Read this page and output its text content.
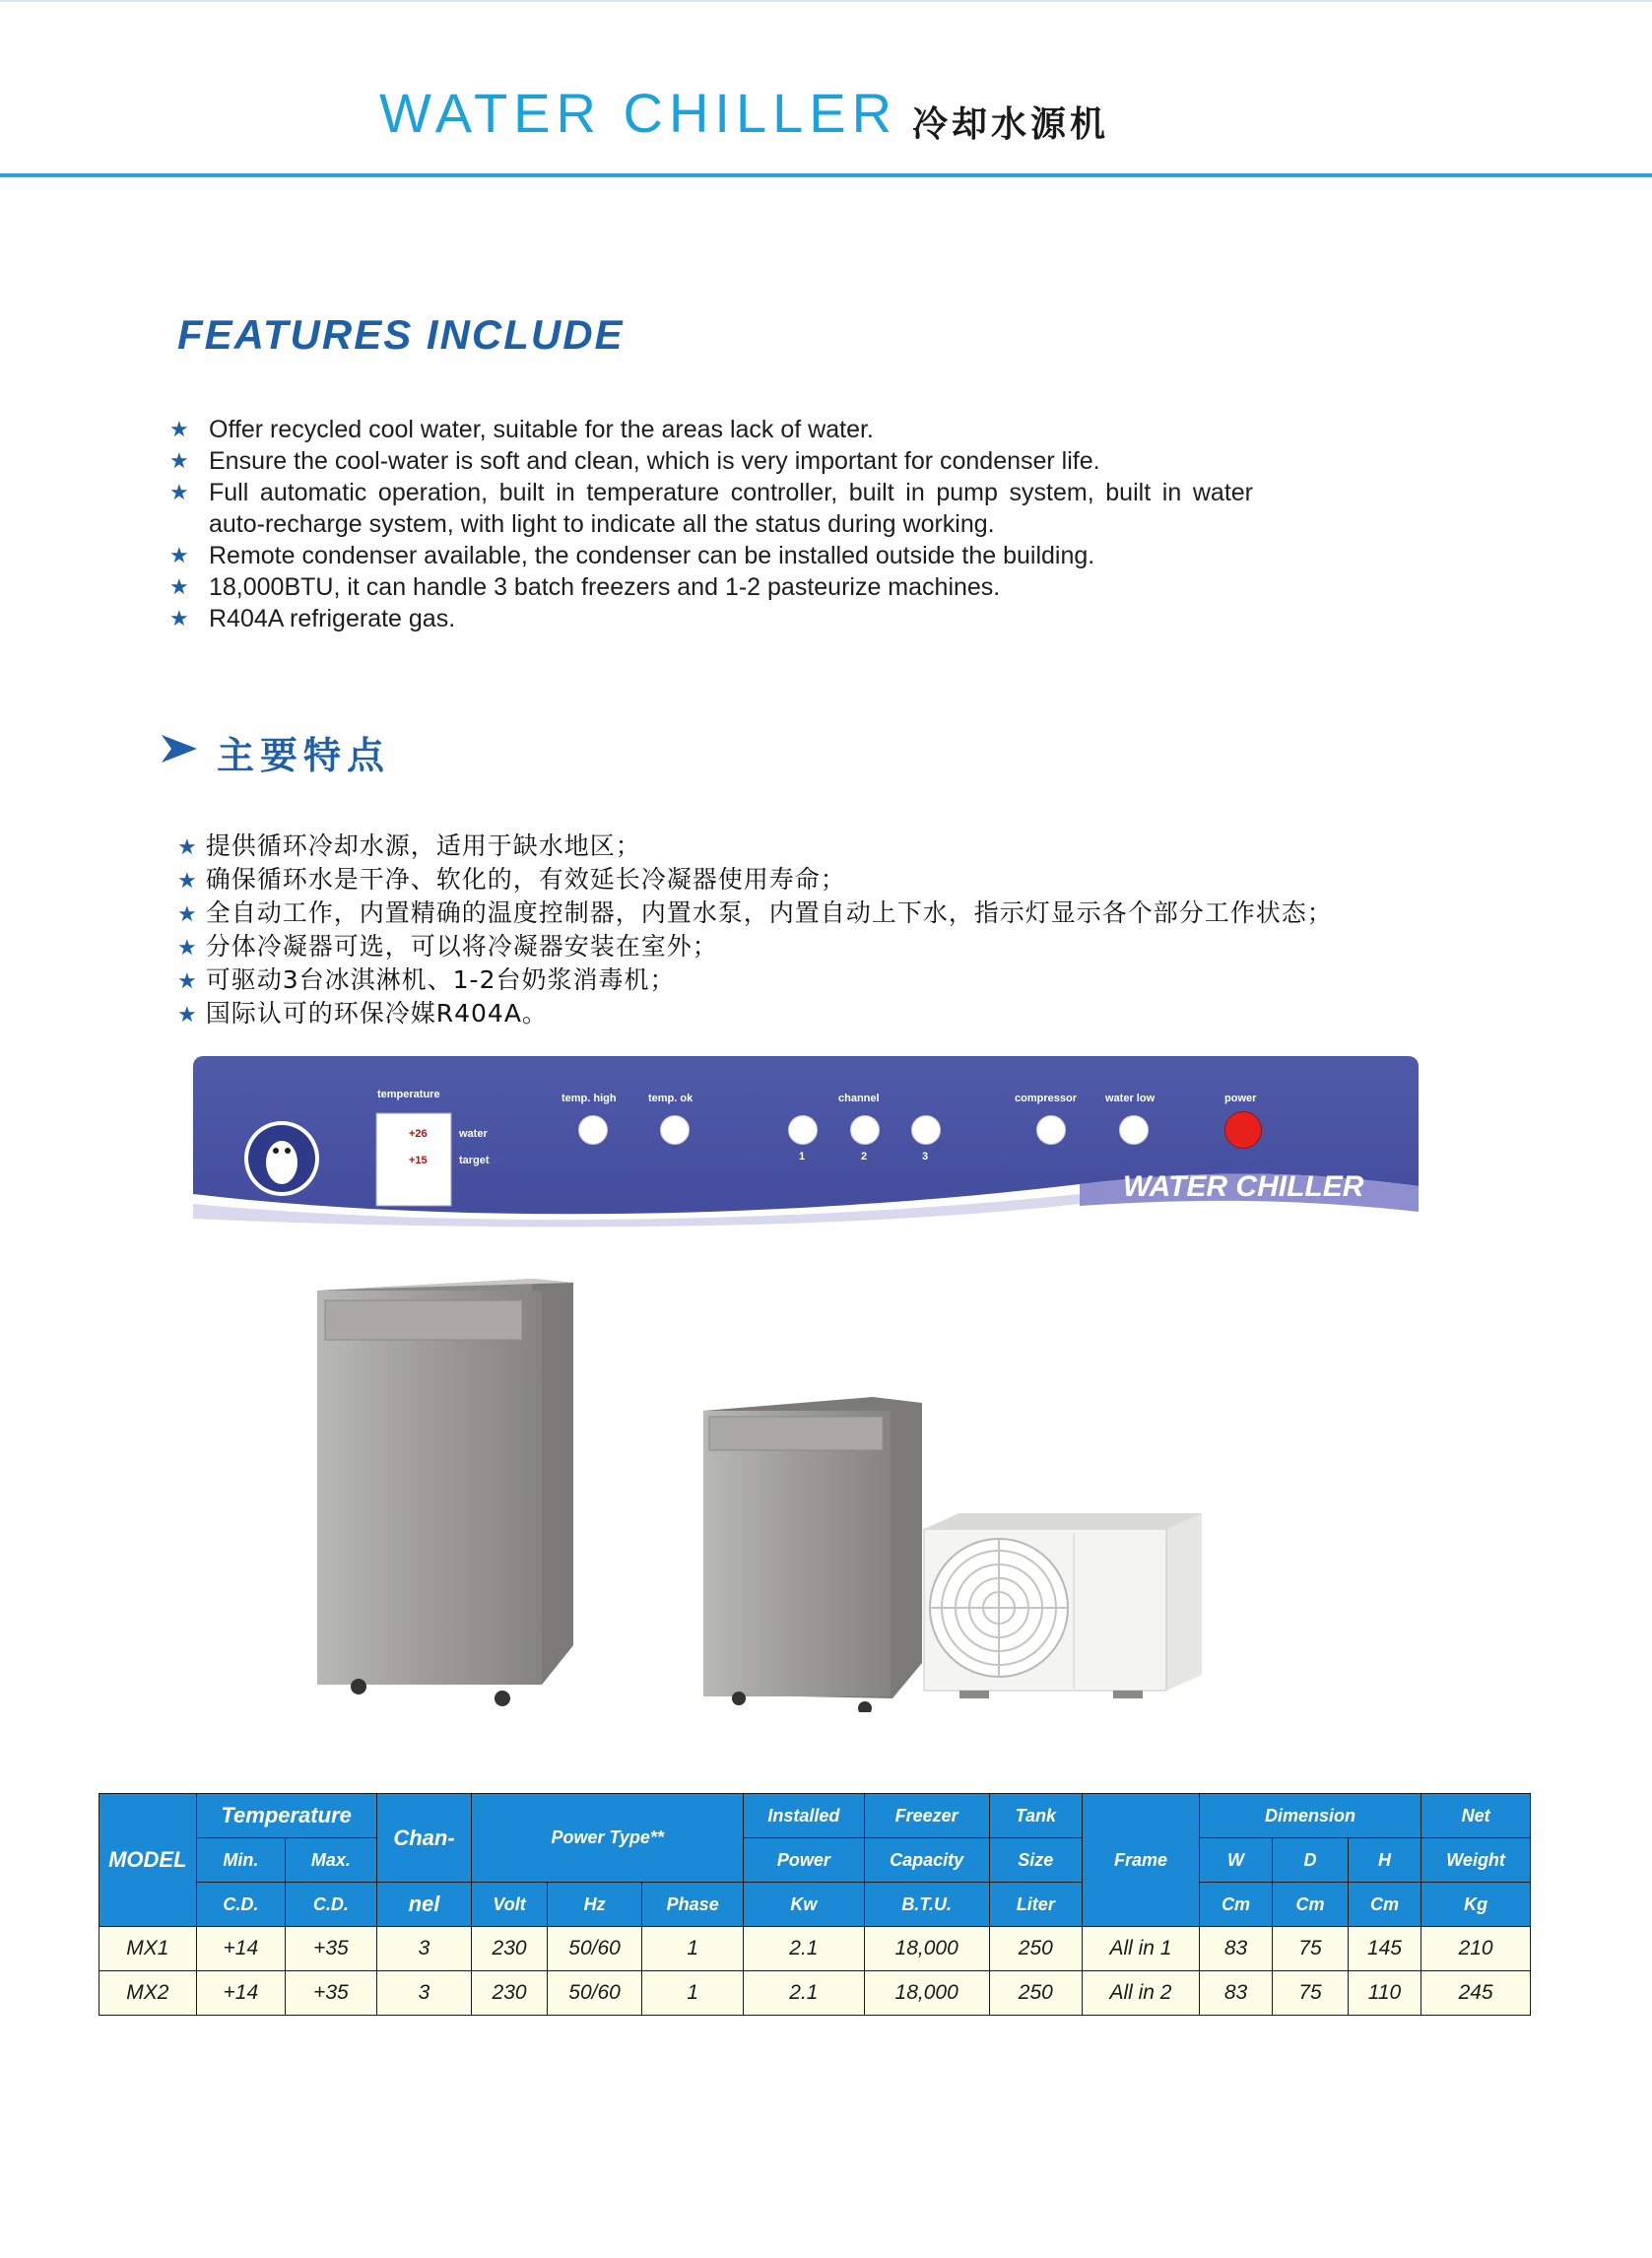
WATER CHILLER 冷却水源机
FEATURES INCLUDE
★ Offer recycled cool water, suitable for the areas lack of water.
★ Ensure the cool-water is soft and clean, which is very important for condenser life.
★ Full automatic operation, built in temperature controller, built in pump system, built in water auto-recharge system, with light to indicate all the status during working.
★ Remote condenser available, the condenser can be installed outside the building.
★ 18,000BTU, it can handle 3 batch freezers and 1-2 pasteurize machines.
★ R404A refrigerate gas.
主要特点
★ 提供循环冷却水源，适用于缺水地区；
★ 确保循环水是干净、软化的，有效延长冷凝器使用寿命；
★ 全自动工作，内置精确的温度控制器，内置水泵，内置自动上下水，指示灯显示各个部分工作状态；
★ 分体冷凝器可选，可以将冷凝器安装在室外；
★ 可驱动3台冰淇淋机、1-2台奶浆消毒机；
★ 国际认可的环保冷媒R404A。
temperature
+26
+15
water
target
temp. high	temp. ok	channel
1	2	3
compressor	water low	power
WATER CHILLER
MODEL	Temperature		Chan-	Power Type**			Installed	Freezer	Tank	Frame	Dimension			Net
	Min.	Max.					Power	Capacity	Size		W	D	H	Weight
	C.D.	C.D.	nel	Volt	Hz	Phase	Kw	B.T.U.	Liter		Cm	Cm	Cm	Kg
MX1	+14	+35	3	230	50/60	1	2.1	18,000	250	All in 1	83	75	145	210
MX2	+14	+35	3	230	50/60	1	2.1	18,000	250	All in 2	83	75	110	245
